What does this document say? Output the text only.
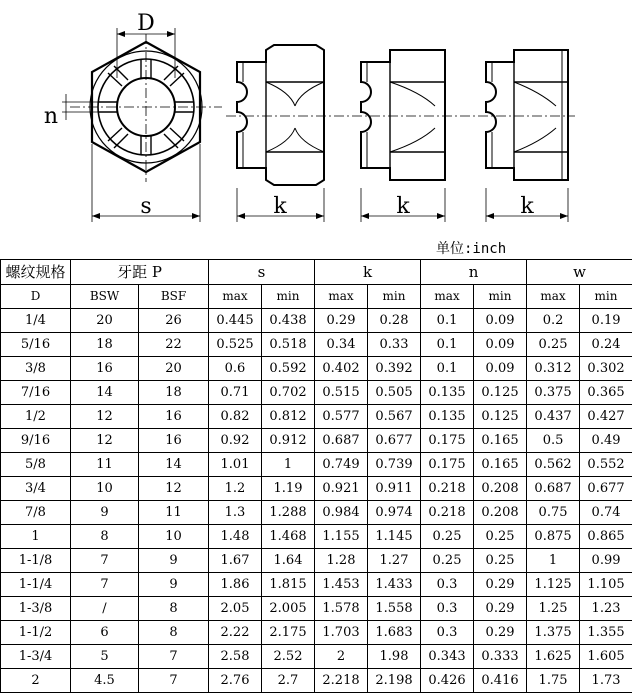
D
n
s	k	k	k
单位:inch
螺纹规格	牙距 P		s		k		n		w	
D	BSW	BSF	max	min	max	min	max	min	max	min
1/4	20	26	0.445	0.438	0.29	0.28	0.1	0.09	0.2	0.19
5/16	18	22	0.525	0.518	0.34	0.33	0.1	0.09	0.25	0.24
3/8	16	20	0.6	0.592	0.402	0.392	0.1	0.09	0.312	0.302
7/16	14	18	0.71	0.702	0.515	0.505	0.135	0.125	0.375	0.365
1/2	12	16	0.82	0.812	0.577	0.567	0.135	0.125	0.437	0.427
9/16	12	16	0.92	0.912	0.687	0.677	0.175	0.165	0.5	0.49
5/8	11	14	1.01	1	0.749	0.739	0.175	0.165	0.562	0.552
3/4	10	12	1.2	1.19	0.921	0.911	0.218	0.208	0.687	0.677
7/8	9	11	1.3	1.288	0.984	0.974	0.218	0.208	0.75	0.74
1	8	10	1.48	1.468	1.155	1.145	0.25	0.25	0.875	0.865
1-1/8	7	9	1.67	1.64	1.28	1.27	0.25	0.25	1	0.99
1-1/4	7	9	1.86	1.815	1.453	1.433	0.3	0.29	1.125	1.105
1-3/8	/	8	2.05	2.005	1.578	1.558	0.3	0.29	1.25	1.23
1-1/2	6	8	2.22	2.175	1.703	1.683	0.3	0.29	1.375	1.355
1-3/4	5	7	2.58	2.52	2	1.98	0.343	0.333	1.625	1.605
2	4.5	7	2.76	2.7	2.218	2.198	0.426	0.416	1.75	1.73
